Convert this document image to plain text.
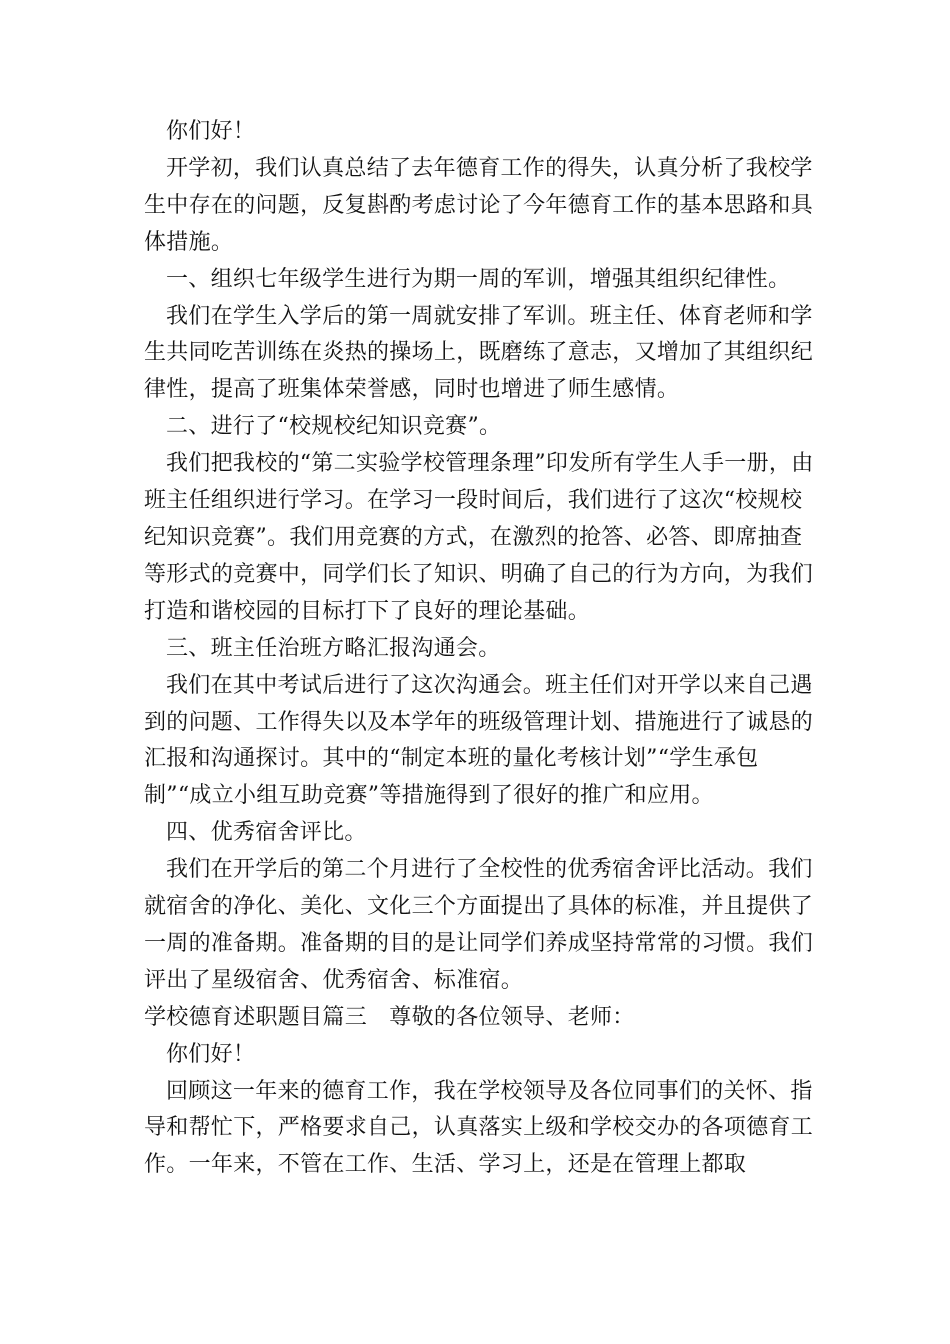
你们好！

开学初，我们认真总结了去年德育工作的得失，认真分析了我校学生中存在的问题，反复斟酌考虑讨论了今年德育工作的基本思路和具体措施。

一、组织七年级学生进行为期一周的军训，增强其组织纪律性。

我们在学生入学后的第一周就安排了军训。班主任、体育老师和学生共同吃苦训练在炎热的操场上，既磨练了意志，又增加了其组织纪律性，提高了班集体荣誉感，同时也增进了师生感情。

二、进行了“校规校纪知识竞赛”。

我们把我校的“第二实验学校管理条理”印发所有学生人手一册，由班主任组织进行学习。在学习一段时间后，我们进行了这次“校规校纪知识竞赛”。我们用竞赛的方式，在激烈的抢答、必答、即席抽查等形式的竞赛中，同学们长了知识、明确了自己的行为方向，为我们打造和谐校园的目标打下了良好的理论基础。

三、班主任治班方略汇报沟通会。

我们在其中考试后进行了这次沟通会。班主任们对开学以来自己遇到的问题、工作得失以及本学年的班级管理计划、措施进行了诚恳的汇报和沟通探讨。其中的“制定本班的量化考核计划”“学生承包制”“成立小组互助竞赛”等措施得到了很好的推广和应用。

四、优秀宿舍评比。

我们在开学后的第二个月进行了全校性的优秀宿舍评比活动。我们就宿舍的净化、美化、文化三个方面提出了具体的标准，并且提供了一周的准备期。准备期的目的是让同学们养成坚持常常的习惯。我们评出了星级宿舍、优秀宿舍、标准宿。

学校德育述职题目篇三　尊敬的各位领导、老师：

你们好！

回顾这一年来的德育工作，我在学校领导及各位同事们的关怀、指导和帮忙下，严格要求自己，认真落实上级和学校交办的各项德育工作。一年来，不管在工作、生活、学习上，还是在管理上都取
